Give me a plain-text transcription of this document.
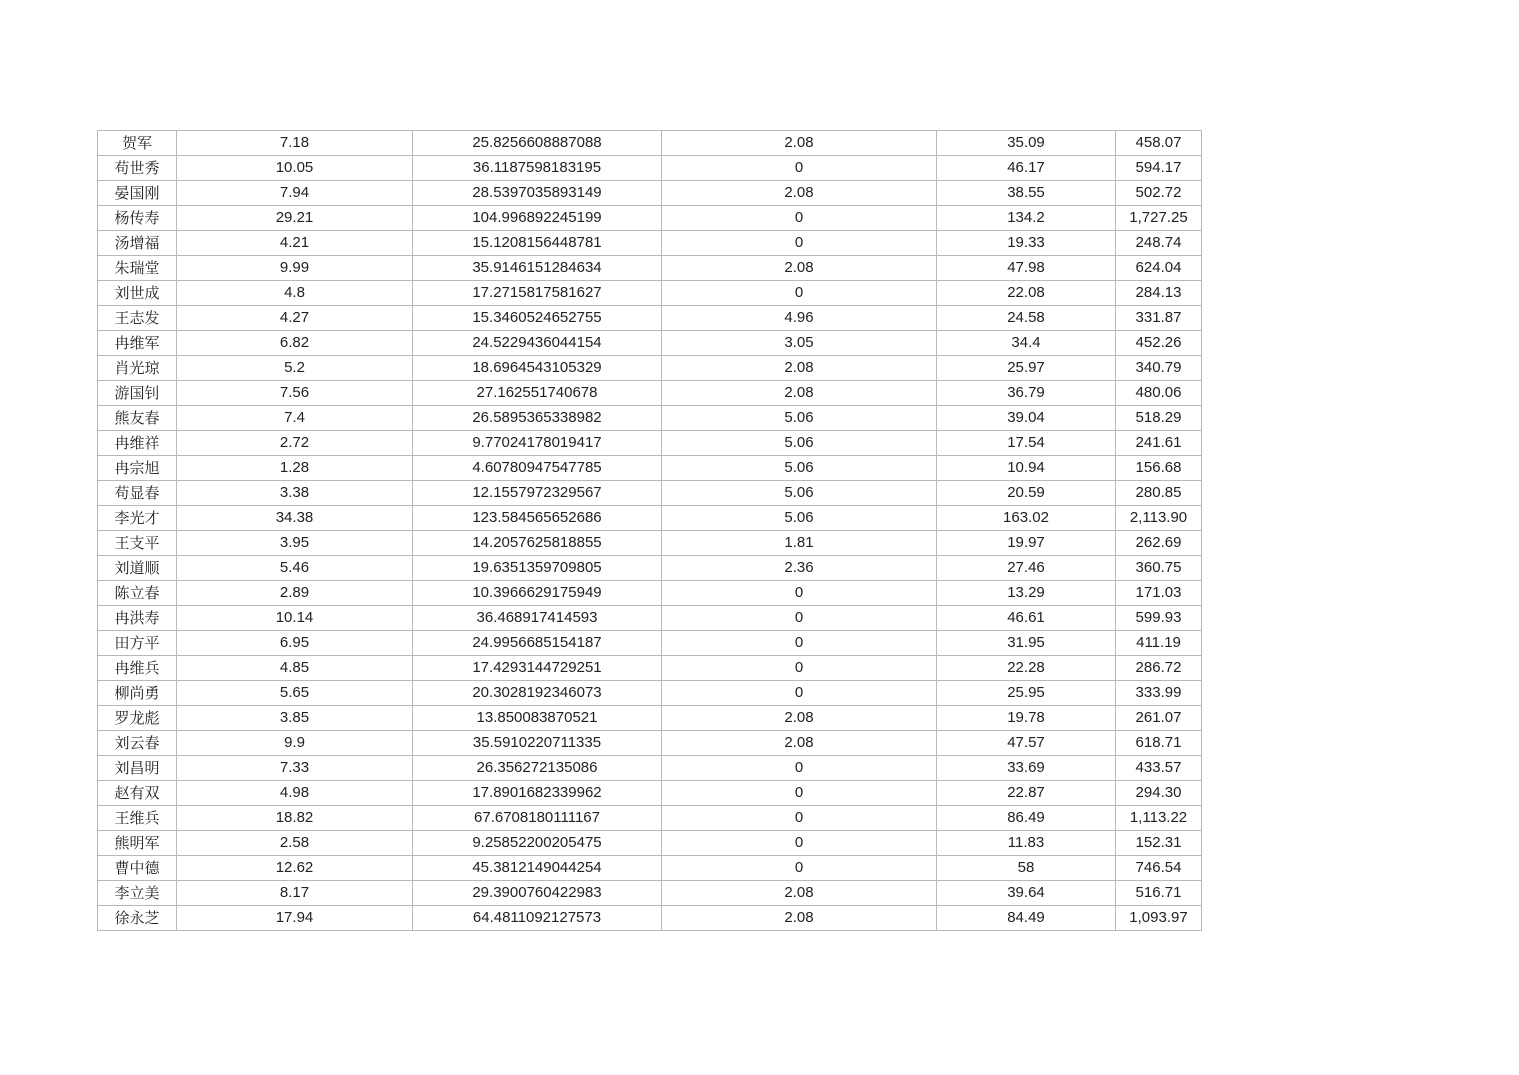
贺军	7.18	25.8256608887088	2.08	35.09	458.07
苟世秀	10.05	36.1187598183195	0	46.17	594.17
晏国刚	7.94	28.5397035893149	2.08	38.55	502.72
杨传寿	29.21	104.996892245199	0	134.2	1,727.25
汤增福	4.21	15.1208156448781	0	19.33	248.74
朱瑞堂	9.99	35.9146151284634	2.08	47.98	624.04
刘世成	4.8	17.2715817581627	0	22.08	284.13
王志发	4.27	15.3460524652755	4.96	24.58	331.87
冉维军	6.82	24.5229436044154	3.05	34.4	452.26
肖光琼	5.2	18.6964543105329	2.08	25.97	340.79
游国钊	7.56	27.162551740678	2.08	36.79	480.06
熊友春	7.4	26.5895365338982	5.06	39.04	518.29
冉维祥	2.72	9.77024178019417	5.06	17.54	241.61
冉宗旭	1.28	4.60780947547785	5.06	10.94	156.68
苟显春	3.38	12.1557972329567	5.06	20.59	280.85
李光才	34.38	123.584565652686	5.06	163.02	2,113.90
王支平	3.95	14.2057625818855	1.81	19.97	262.69
刘道顺	5.46	19.6351359709805	2.36	27.46	360.75
陈立春	2.89	10.3966629175949	0	13.29	171.03
冉洪寿	10.14	36.468917414593	0	46.61	599.93
田方平	6.95	24.9956685154187	0	31.95	411.19
冉维兵	4.85	17.4293144729251	0	22.28	286.72
柳尚勇	5.65	20.3028192346073	0	25.95	333.99
罗龙彪	3.85	13.850083870521	2.08	19.78	261.07
刘云春	9.9	35.5910220711335	2.08	47.57	618.71
刘昌明	7.33	26.356272135086	0	33.69	433.57
赵有双	4.98	17.8901682339962	0	22.87	294.30
王维兵	18.82	67.6708180111167	0	86.49	1,113.22
熊明军	2.58	9.25852200205475	0	11.83	152.31
曹中德	12.62	45.3812149044254	0	58	746.54
李立美	8.17	29.3900760422983	2.08	39.64	516.71
徐永芝	17.94	64.4811092127573	2.08	84.49	1,093.97
